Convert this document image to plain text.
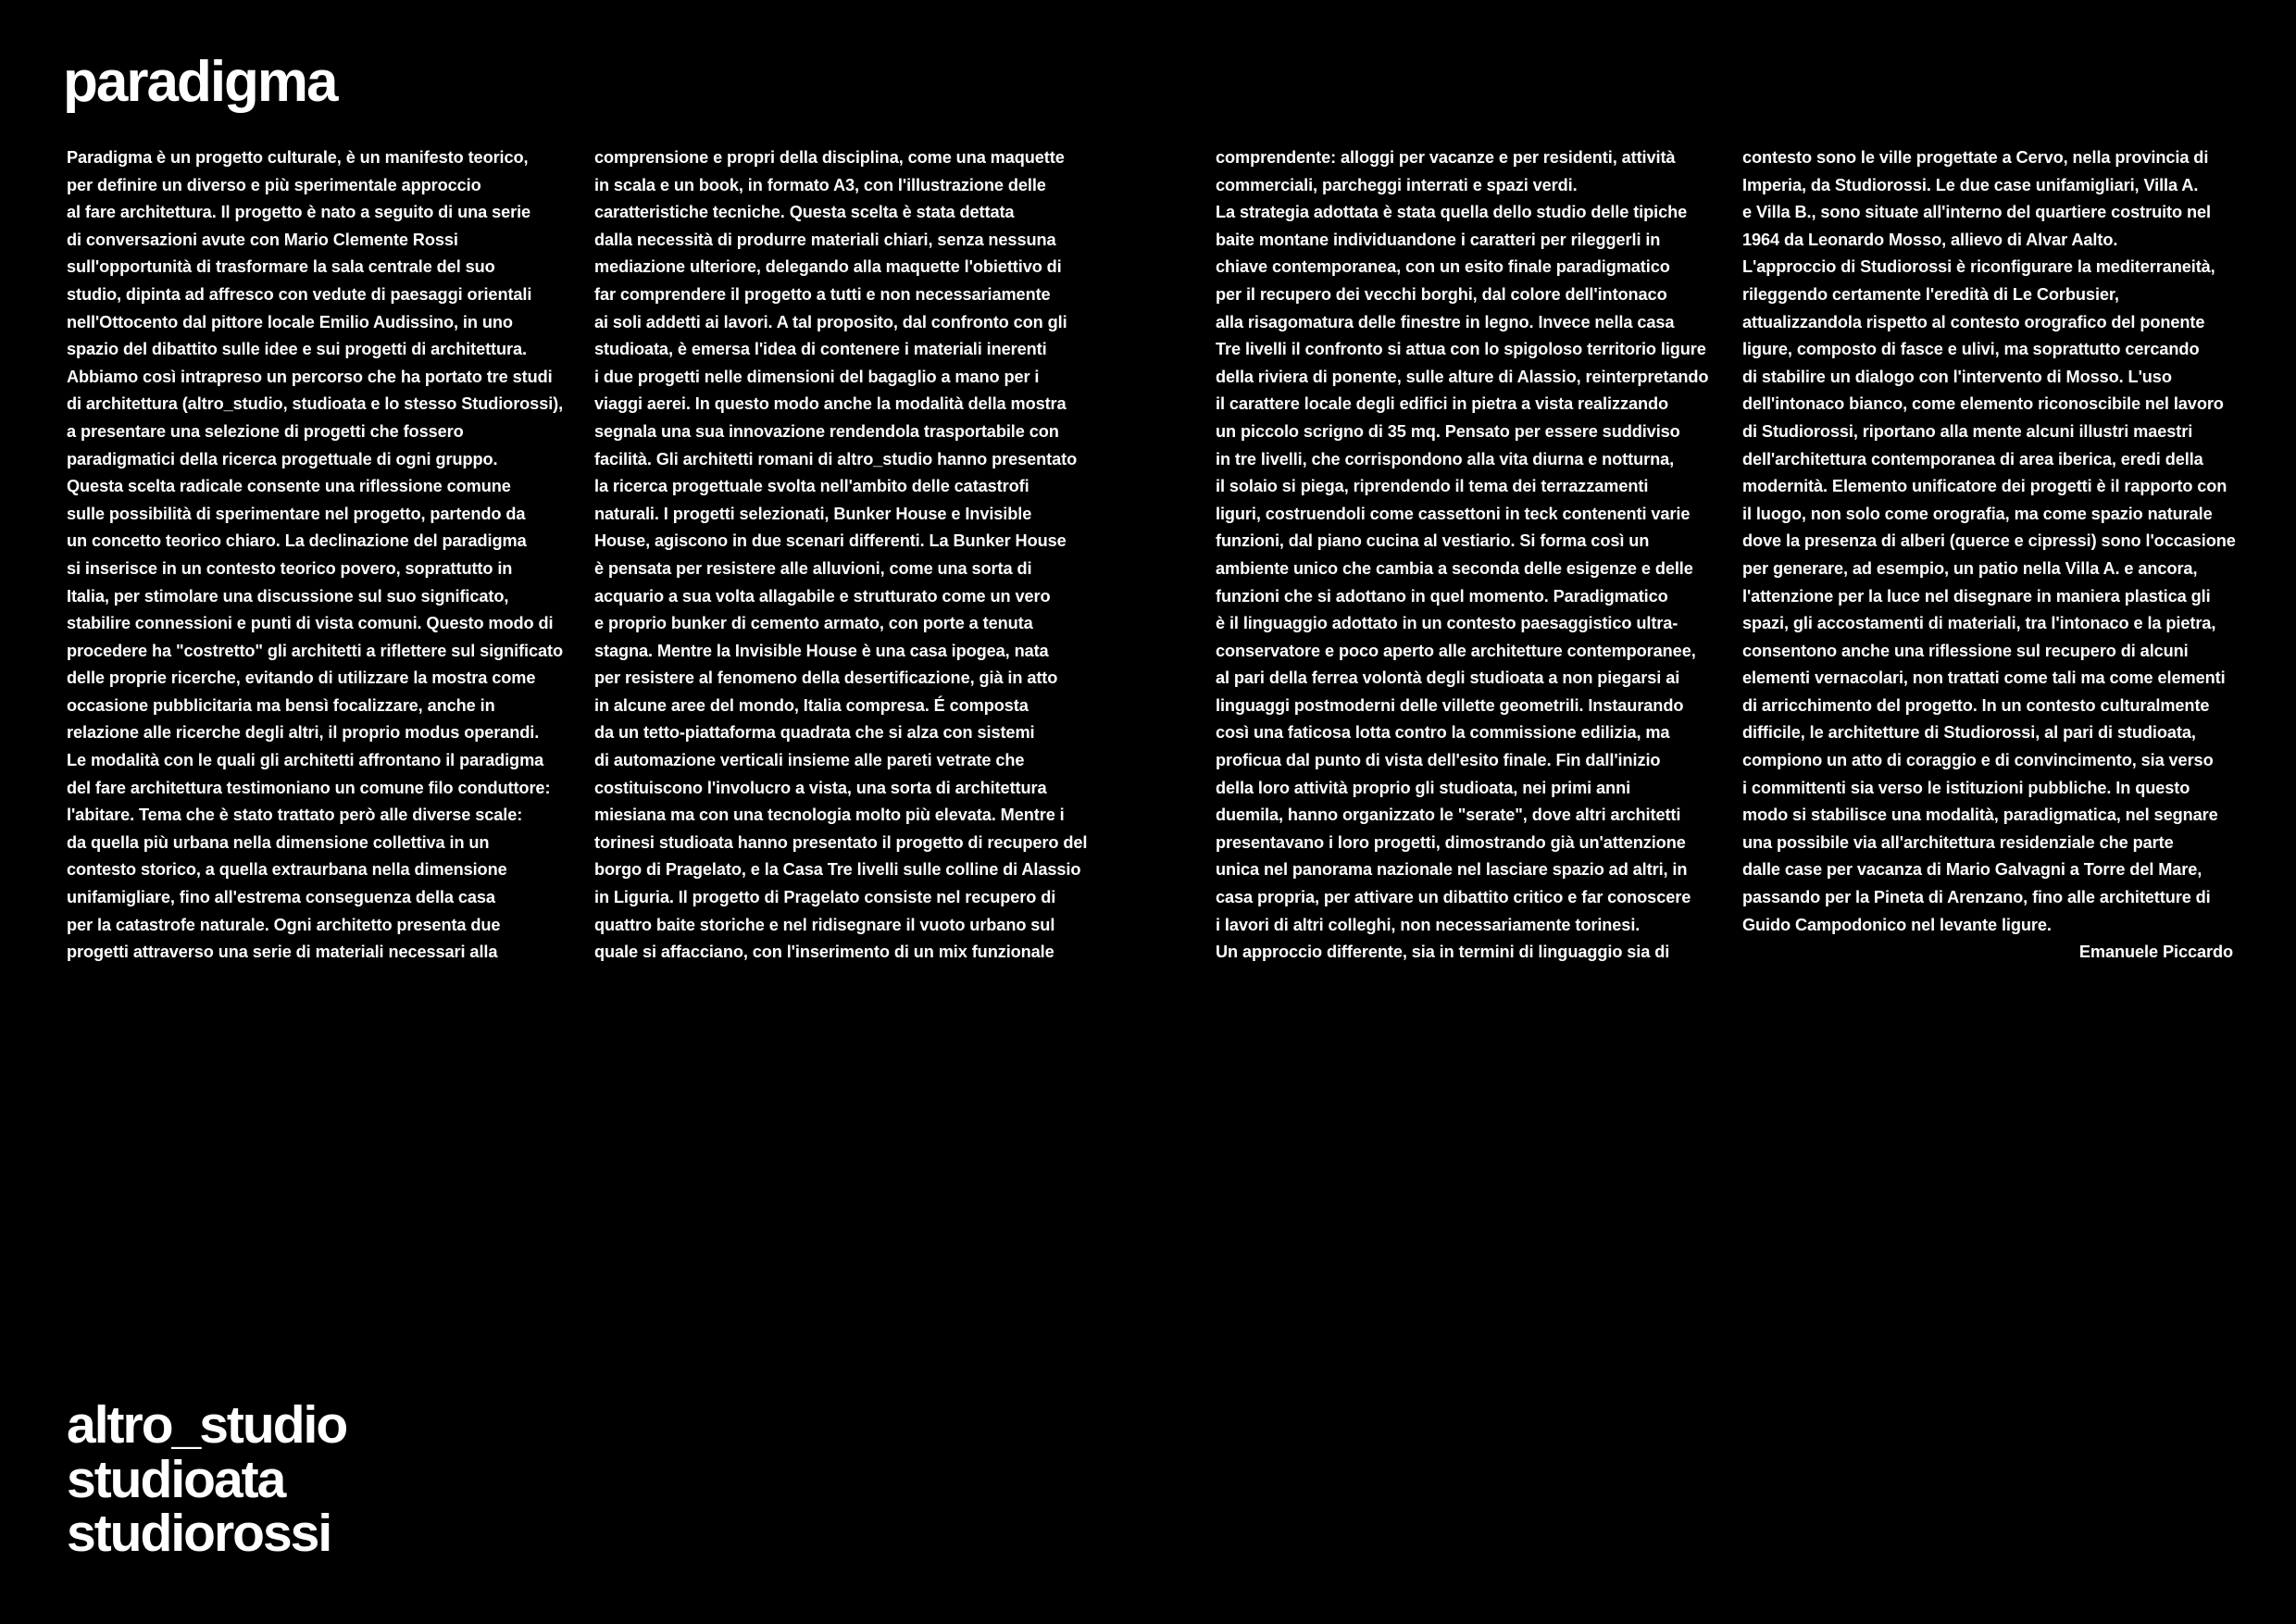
paradigma
Paradigma è un progetto culturale, è un manifesto teorico,
per definire un diverso e più sperimentale approccio
al fare architettura. Il progetto è nato a seguito di una serie
di conversazioni avute con Mario Clemente Rossi
sull'opportunità di trasformare la sala centrale del suo
studio, dipinta ad affresco con vedute di paesaggi orientali
nell'Ottocento dal pittore locale Emilio Audissino, in uno
spazio del dibattito sulle idee e sui progetti di architettura.
Abbiamo così intrapreso un percorso che ha portato tre studi
di architettura (altro_studio, studioata e lo stesso Studiorossi),
a presentare una selezione di progetti che fossero
paradigmatici della ricerca progettuale di ogni gruppo.
Questa scelta radicale consente una riflessione comune
sulle possibilità di sperimentare nel progetto, partendo da
un concetto teorico chiaro. La declinazione del paradigma
si inserisce in un contesto teorico povero, soprattutto in
Italia, per stimolare una discussione sul suo significato,
stabilire connessioni e punti di vista comuni. Questo modo di
procedere ha "costretto" gli architetti a riflettere sul significato
delle proprie ricerche, evitando di utilizzare la mostra come
occasione pubblicitaria ma bensì focalizzare, anche in
relazione alle ricerche degli altri, il proprio modus operandi.
Le modalità con le quali gli architetti affrontano il paradigma
del fare architettura testimoniano un comune filo conduttore:
l'abitare. Tema che è stato trattato però alle diverse scale:
da quella più urbana nella dimensione collettiva in un
contesto storico, a quella extraurbana nella dimensione
unifamigliare, fino all'estrema conseguenza della casa
per la catastrofe naturale. Ogni architetto presenta due
progetti attraverso una serie di materiali necessari alla
comprensione e propri della disciplina, come una maquette
in scala e un book, in formato A3, con l'illustrazione delle
caratteristiche tecniche. Questa scelta è stata dettata
dalla necessità di produrre materiali chiari, senza nessuna
mediazione ulteriore, delegando alla maquette l'obiettivo di
far comprendere il progetto a tutti e non necessariamente
ai soli addetti ai lavori. A tal proposito, dal confronto con gli
studioata, è emersa l'idea di contenere i materiali inerenti
i due progetti nelle dimensioni del bagaglio a mano per i
viaggi aerei. In questo modo anche la modalità della mostra
segnala una sua innovazione rendendola trasportabile con
facilità. Gli architetti romani di altro_studio hanno presentato
la ricerca progettuale svolta nell'ambito delle catastrofi
naturali. I progetti selezionati, Bunker House e Invisible
House, agiscono in due scenari differenti. La Bunker House
è pensata per resistere alle alluvioni, come una sorta di
acquario a sua volta allagabile e strutturato come un vero
e proprio bunker di cemento armato, con porte a tenuta
stagna. Mentre la Invisible House è una casa ipogea, nata
per resistere al fenomeno della desertificazione, già in atto
in alcune aree del mondo, Italia compresa. É composta
da un tetto-piattaforma quadrata che si alza con sistemi
di automazione verticali insieme alle pareti vetrate che
costituiscono l'involucro a vista, una sorta di architettura
miesiana ma con una tecnologia molto più elevata. Mentre i
torinesi studioata hanno presentato il progetto di recupero del
borgo di Pragelato, e la Casa Tre livelli sulle colline di Alassio
in Liguria. Il progetto di Pragelato consiste nel recupero di
quattro baite storiche e nel ridisegnare il vuoto urbano sul
quale si affacciano, con l'inserimento di un mix funzionale
comprendente: alloggi per vacanze e per residenti, attività
commerciali, parcheggi interrati e spazi verdi.
La strategia adottata è stata quella dello studio delle tipiche
baite montane individuandone i caratteri per rileggerli in
chiave contemporanea, con un esito finale paradigmatico
per il recupero dei vecchi borghi, dal colore dell'intonaco
alla risagomatura delle finestre in legno. Invece nella casa
Tre livelli il confronto si attua con lo spigoloso territorio ligure
della riviera di ponente, sulle alture di Alassio, reinterpretando
il carattere locale degli edifici in pietra a vista realizzando
un piccolo scrigno di 35 mq. Pensato per essere suddiviso
in tre livelli, che corrispondono alla vita diurna e notturna,
il solaio si piega, riprendendo il tema dei terrazzamenti
liguri, costruendoli come cassettoni in teck contenenti varie
funzioni, dal piano cucina al vestiario. Si forma così un
ambiente unico che cambia a seconda delle esigenze e delle
funzioni che si adottano in quel momento. Paradigmatico
è il linguaggio adottato in un contesto paesaggistico ultra-
conservatore e poco aperto alle architetture contemporanee,
al pari della ferrea volontà degli studioata a non piegarsi ai
linguaggi postmoderni delle villette geometrili. Instaurando
così una faticosa lotta contro la commissione edilizia, ma
proficua dal punto di vista dell'esito finale. Fin dall'inizio
della loro attività proprio gli studioata, nei primi anni
duemila, hanno organizzato le "serate", dove altri architetti
presentavano i loro progetti, dimostrando già un'attenzione
unica nel panorama nazionale nel lasciare spazio ad altri, in
casa propria, per attivare un dibattito critico e far conoscere
i lavori di altri colleghi, non necessariamente torinesi.
Un approccio differente, sia in termini di linguaggio sia di
contesto sono le ville progettate a Cervo, nella provincia di
Imperia, da Studiorossi. Le due case unifamigliari, Villa A.
e Villa B., sono situate all'interno del quartiere costruito nel
1964 da Leonardo Mosso, allievo di Alvar Aalto.
L'approccio di Studiorossi è riconfigurare la mediterraneità,
rileggendo certamente l'eredità di Le Corbusier,
attualizzandola rispetto al contesto orografico del ponente
ligure, composto di fasce e ulivi, ma soprattutto cercando
di stabilire un dialogo con l'intervento di Mosso. L'uso
dell'intonaco bianco, come elemento riconoscibile nel lavoro
di Studiorossi, riportano alla mente alcuni illustri maestri
dell'architettura contemporanea di area iberica, eredi della
modernità. Elemento unificatore dei progetti è il rapporto con
il luogo, non solo come orografia, ma come spazio naturale
dove la presenza di alberi (querce e cipressi) sono l'occasione
per generare, ad esempio, un patio nella Villa A. e ancora,
l'attenzione per la luce nel disegnare in maniera plastica gli
spazi, gli accostamenti di materiali, tra l'intonaco e la pietra,
consentono anche una riflessione sul recupero di alcuni
elementi vernacolari, non trattati come tali ma come elementi
di arricchimento del progetto. In un contesto culturalmente
difficile, le architetture di Studiorossi, al pari di studioata,
compiono un atto di coraggio e di convincimento, sia verso
i committenti sia verso le istituzioni pubbliche. In questo
modo si stabilisce una modalità, paradigmatica, nel segnare
una possibile via all'architettura residenziale che parte
dalle case per vacanza di Mario Galvagni a Torre del Mare,
passando per la Pineta di Arenzano, fino alle architetture di
Guido Campodonico nel levante ligure.
Emanuele Piccardo
altro_studio
studioata
studiorossi
